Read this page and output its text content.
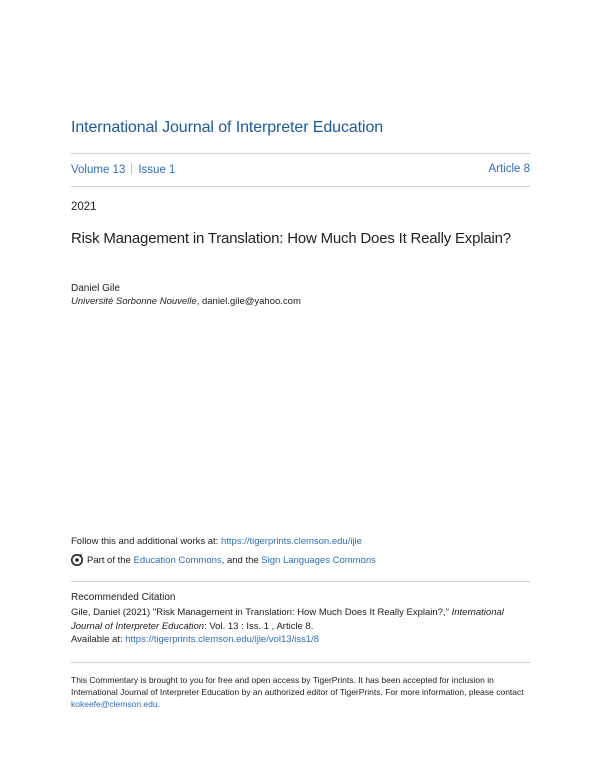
International Journal of Interpreter Education
Volume 13 Issue 1	Article 8
2021
Risk Management in Translation: How Much Does It Really Explain?
Daniel Gile
Université Sorbonne Nouvelle, daniel.gile@yahoo.com
Follow this and additional works at: https://tigerprints.clemson.edu/ijie
Part of the
Education Commons , and the
Sign Languages Commons
Recommended Citation
Gile, Daniel (2021) "Risk Management in Translation: How Much Does It Really Explain?," International Journal of Interpreter Education: Vol. 13 : Iss. 1 , Article 8.
Available at: https://tigerprints.clemson.edu/ijie/vol13/iss1/8
This Commentary is brought to you for free and open access by TigerPrints. It has been accepted for inclusion in International Journal of Interpreter Education by an authorized editor of TigerPrints. For more information, please contact kokeefe@clemson.edu.
